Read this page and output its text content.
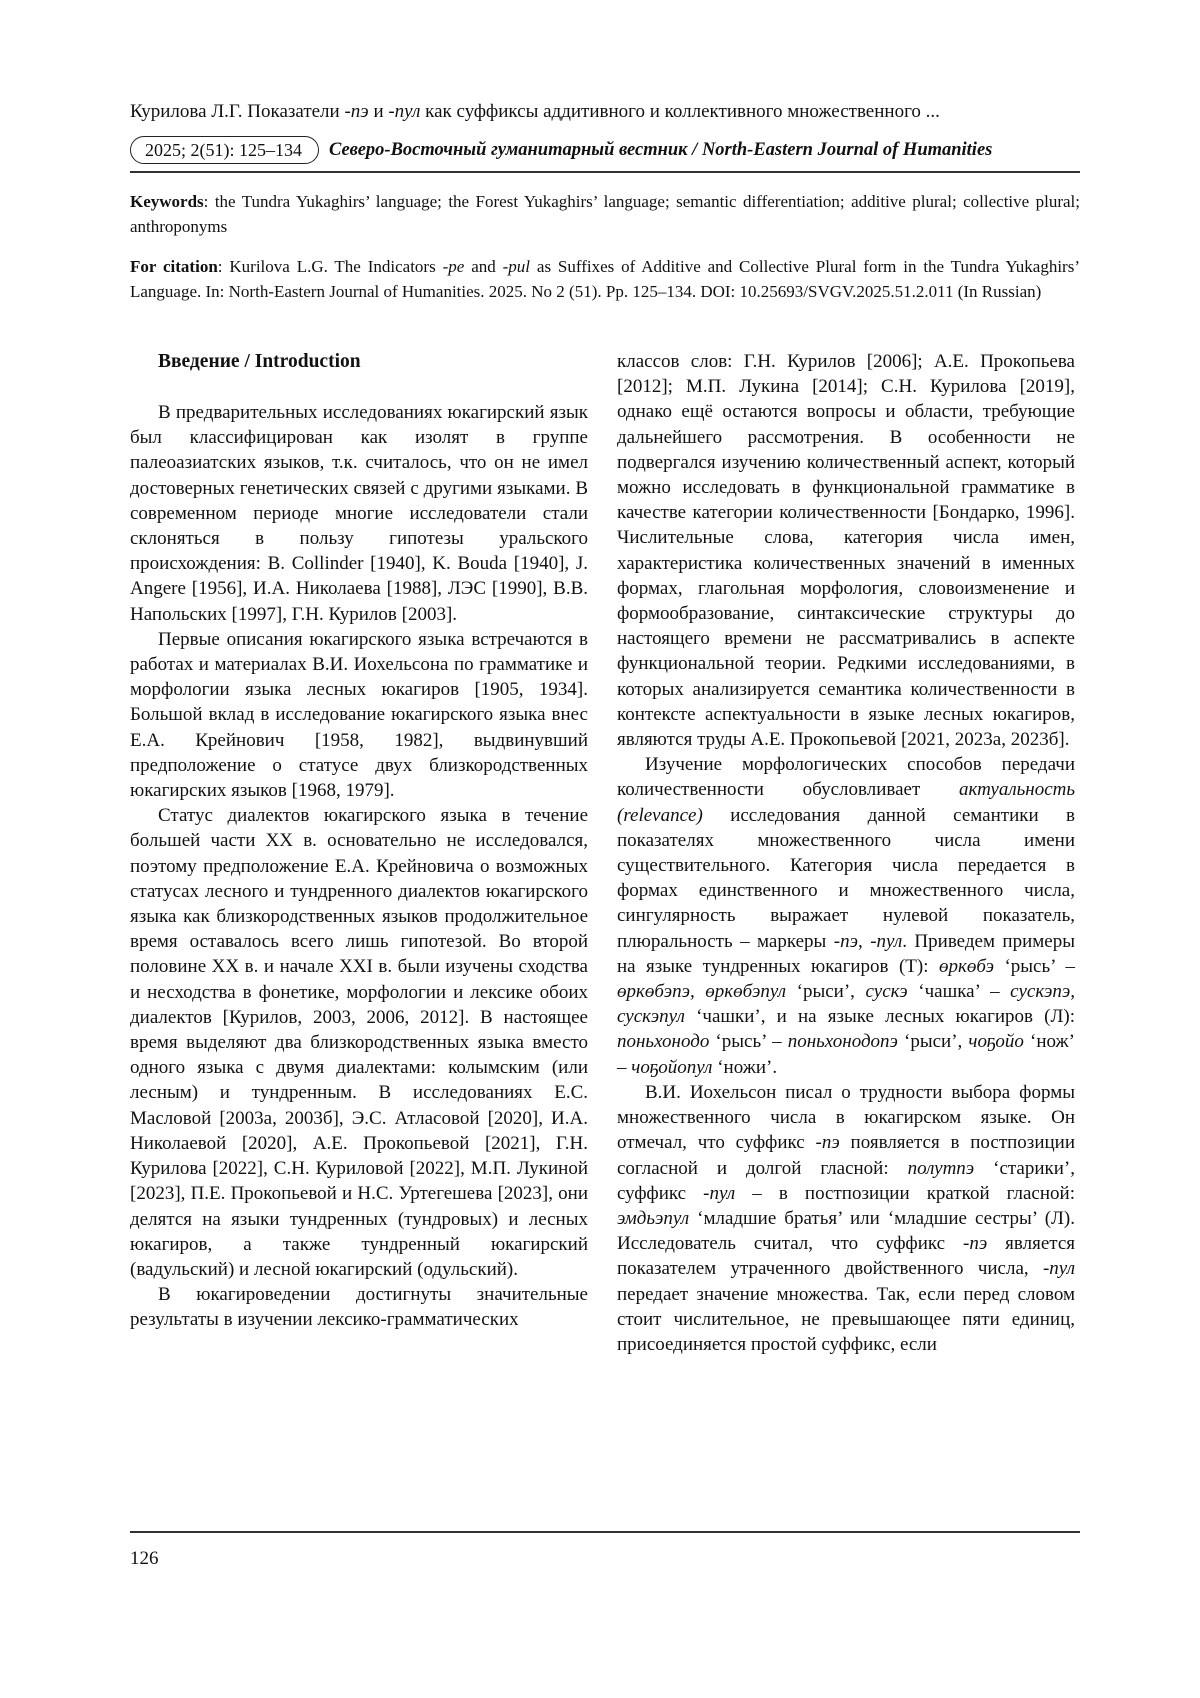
Курилова Л.Г. Показатели -пэ и -пул как суффиксы аддитивного и коллективного множественного ...
2025; 2(51): 125–134	Северо-Восточный гуманитарный вестник / North-Eastern Journal of Humanities
Keywords: the Tundra Yukaghirs’ language; the Forest Yukaghirs’ language; semantic differentiation; additive plural; collective plural; anthroponyms
For citation: Kurilova L.G. The Indicators -pe and -pul as Suffixes of Additive and Collective Plural form in the Tundra Yukaghirs’ Language. In: North-Eastern Journal of Humanities. 2025. No 2 (51). Pp. 125–134. DOI: 10.25693/SVGV.2025.51.2.011 (In Russian)
Введение / Introduction

В предварительных исследованиях юкагирский язык был классифицирован как изолят в группе палеоазиатских языков, т.к. считалось, что он не имел достоверных генетических связей с другими языками. В современном периоде многие исследователи стали склоняться в пользу гипотезы уральского происхождения: B. Collinder [1940], K. Bouda [1940], J. Angere [1956], И.А. Николаева [1988], ЛЭС [1990], В.В. Напольских [1997], Г.Н. Курилов [2003].

Первые описания юкагирского языка встречаются в работах и материалах В.И. Иохельсона по грамматике и морфологии языка лесных юкагиров [1905, 1934]. Большой вклад в исследование юкагирского языка внес Е.А. Крейнович [1958, 1982], выдвинувший предположение о статусе двух близкородственных юкагирских языков [1968, 1979].

Статус диалектов юкагирского языка в течение большей части XX в. основательно не исследовался, поэтому предположение Е.А. Крейновича о возможных статусах лесного и тундренного диалектов юкагирского языка как близкородственных языков продолжительное время оставалось всего лишь гипотезой. Во второй половине XX в. и начале XXI в. были изучены сходства и несходства в фонетике, морфологии и лексике обоих диалектов [Курилов, 2003, 2006, 2012]. В настоящее время выделяют два близкородственных языка вместо одного языка с двумя диалектами: колымским (или лесным) и тундренным. В исследованиях Е.С. Масловой [2003а, 2003б], Э.С. Атласовой [2020], И.А. Николаевой [2020], А.Е. Прокопьевой [2021], Г.Н. Курилова [2022], С.Н. Куриловой [2022], М.П. Лукиной [2023], П.Е. Прокопьевой и Н.С. Уртегешева [2023], они делятся на языки тундренных (тундровых) и лесных юкагиров, а также тундренный юкагирский (вадульский) и лесной юкагирский (одульский).

В юкагироведении достигнуты значительные результаты в изучении лексико-грамматических

классов слов: Г.Н. Курилов [2006]; А.Е. Прокопьева [2012]; М.П. Лукина [2014]; С.Н. Курилова [2019], однако ещё остаются вопросы и области, требующие дальнейшего рассмотрения. В особенности не подвергался изучению количественный аспект, который можно исследовать в функциональной грамматике в качестве категории количественности [Бондарко, 1996]. Числительные слова, категория числа имен, характеристика количественных значений в именных формах, глагольная морфология, словоизменение и формообразование, синтаксические структуры до настоящего времени не рассматривались в аспекте функциональной теории. Редкими исследованиями, в которых анализируется семантика количественности в контексте аспектуальности в языке лесных юкагиров, являются труды А.Е. Прокопьевой [2021, 2023а, 2023б].

Изучение морфологических способов передачи количественности обусловливает актуальность (relevance) исследования данной семантики в показателях множественного числа имени существительного. Категория числа передается в формах единственного и множественного числа, сингулярность выражает нулевой показатель, плюральность – маркеры -пэ, -пул. Приведем примеры на языке тундренных юкагиров (Т): өркөбэ ‘рысь’ – өркөбэпэ, өркөбэпул ‘рыси’, сускэ ‘чашка’ – сускэпэ, сускэпул ‘чашки’, и на языке лесных юкагиров (Л): поньхонодо ‘рысь’ – поньхонодопэ ‘рыси’, чоҕойо ‘нож’ – чоҕойопул ‘ножи’.

В.И. Иохельсон писал о трудности выбора формы множественного числа в юкагирском языке. Он отмечал, что суффикс -пэ появляется в постпозиции согласной и долгой гласной: полутпэ ‘старики’, суффикс -пул – в постпозиции краткой гласной: эмдьэпул ‘младшие братья’ или ‘младшие сестры’ (Л). Исследователь считал, что суффикс -пэ является показателем утраченного двойственного числа, -пул передает значение множества. Так, если перед словом стоит числительное, не превышающее пяти единиц, присоединяется простой суффикс, если

126
